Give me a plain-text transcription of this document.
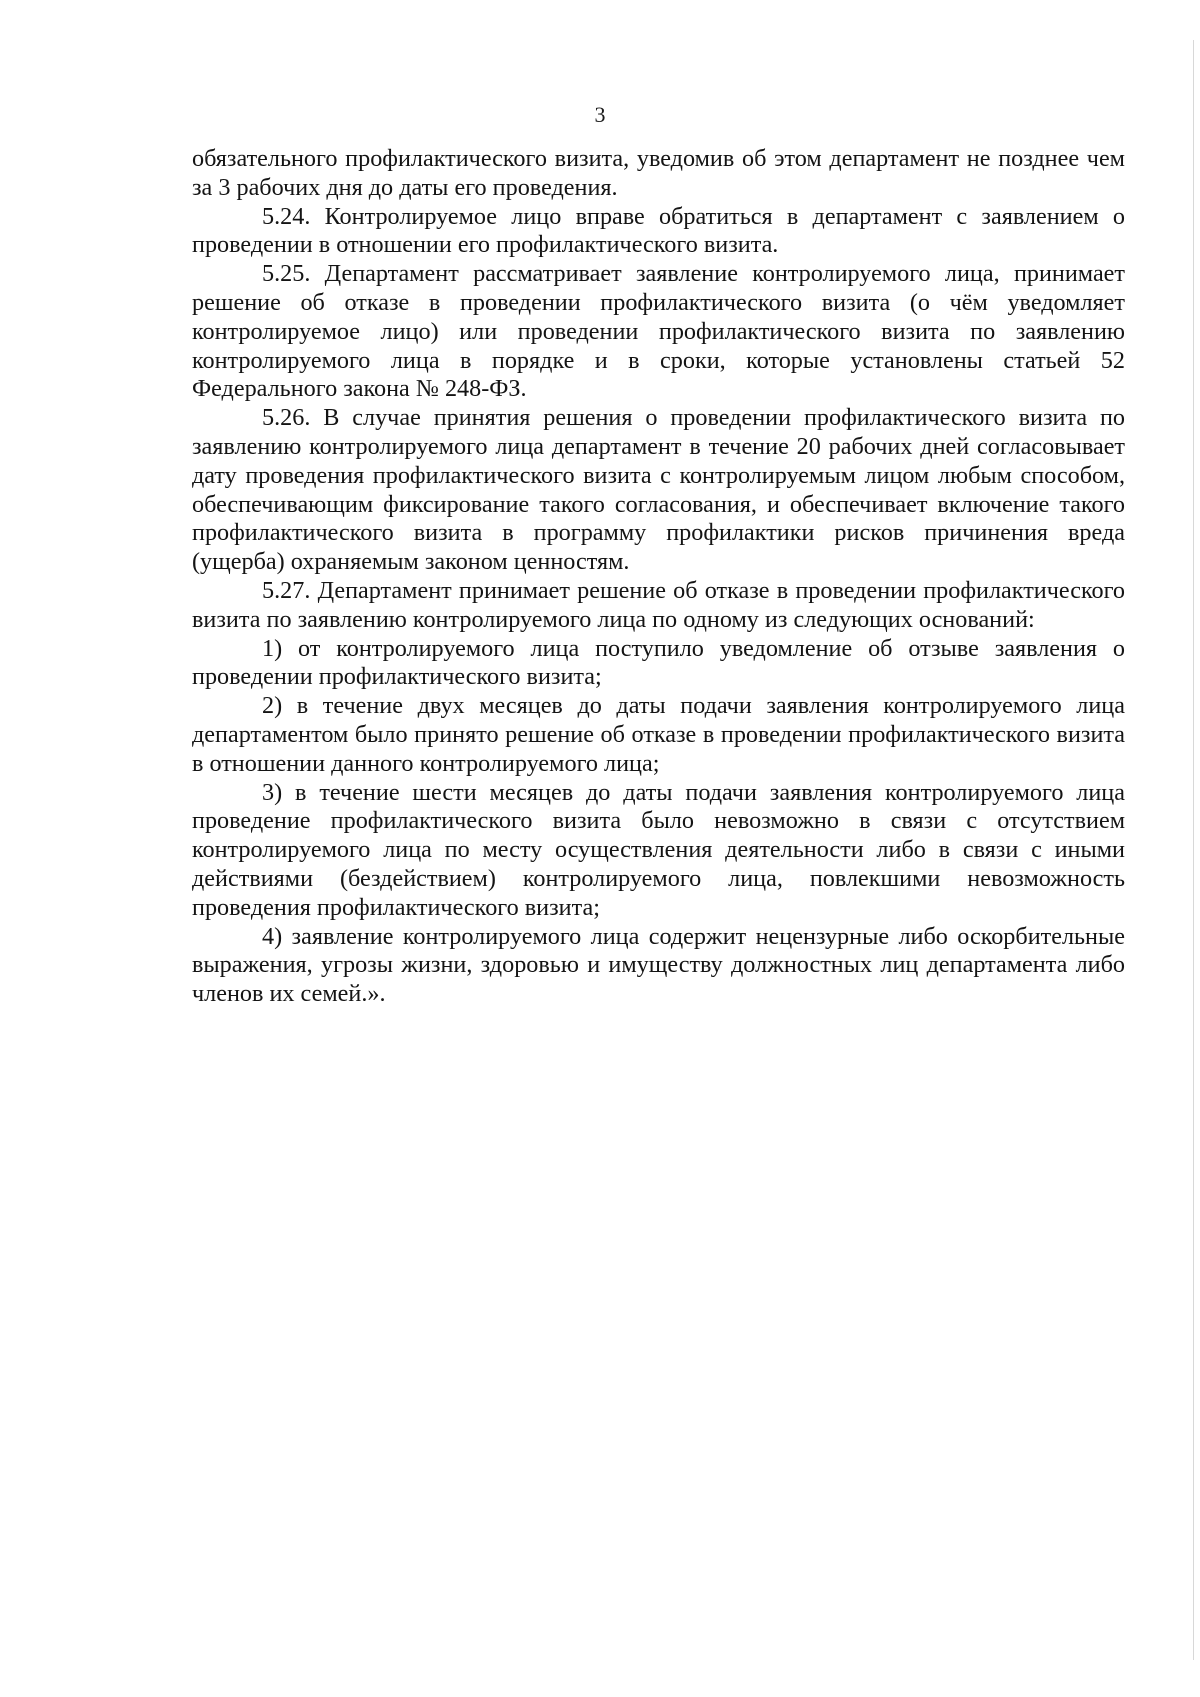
3

обязательного профилактического визита, уведомив об этом департамент не позднее чем за 3 рабочих дня до даты его проведения.

5.24. Контролируемое лицо вправе обратиться в департамент с заявлением о проведении в отношении его профилактического визита.

5.25. Департамент рассматривает заявление контролируемого лица, принимает решение об отказе в проведении профилактического визита (о чём уведомляет контролируемое лицо) или проведении профилактического визита по заявлению контролируемого лица в порядке и в сроки, которые установлены статьей 52 Федерального закона № 248-ФЗ.

5.26. В случае принятия решения о проведении профилактического визита по заявлению контролируемого лица департамент в течение 20 рабочих дней согласовывает дату проведения профилактического визита с контролируемым лицом любым способом, обеспечивающим фиксирование такого согласования, и обеспечивает включение такого профилактического визита в программу профилактики рисков причинения вреда (ущерба) охраняемым законом ценностям.

5.27. Департамент принимает решение об отказе в проведении профилактического визита по заявлению контролируемого лица по одному из следующих оснований:

1) от контролируемого лица поступило уведомление об отзыве заявления о проведении профилактического визита;

2) в течение двух месяцев до даты подачи заявления контролируемого лица департаментом было принято решение об отказе в проведении профилактического визита в отношении данного контролируемого лица;

3) в течение шести месяцев до даты подачи заявления контролируемого лица проведение профилактического визита было невозможно в связи с отсутствием контролируемого лица по месту осуществления деятельности либо в связи с иными действиями (бездействием) контролируемого лица, повлекшими невозможность проведения профилактического визита;

4) заявление контролируемого лица содержит нецензурные либо оскорбительные выражения, угрозы жизни, здоровью и имуществу должностных лиц департамента либо членов их семей.».
